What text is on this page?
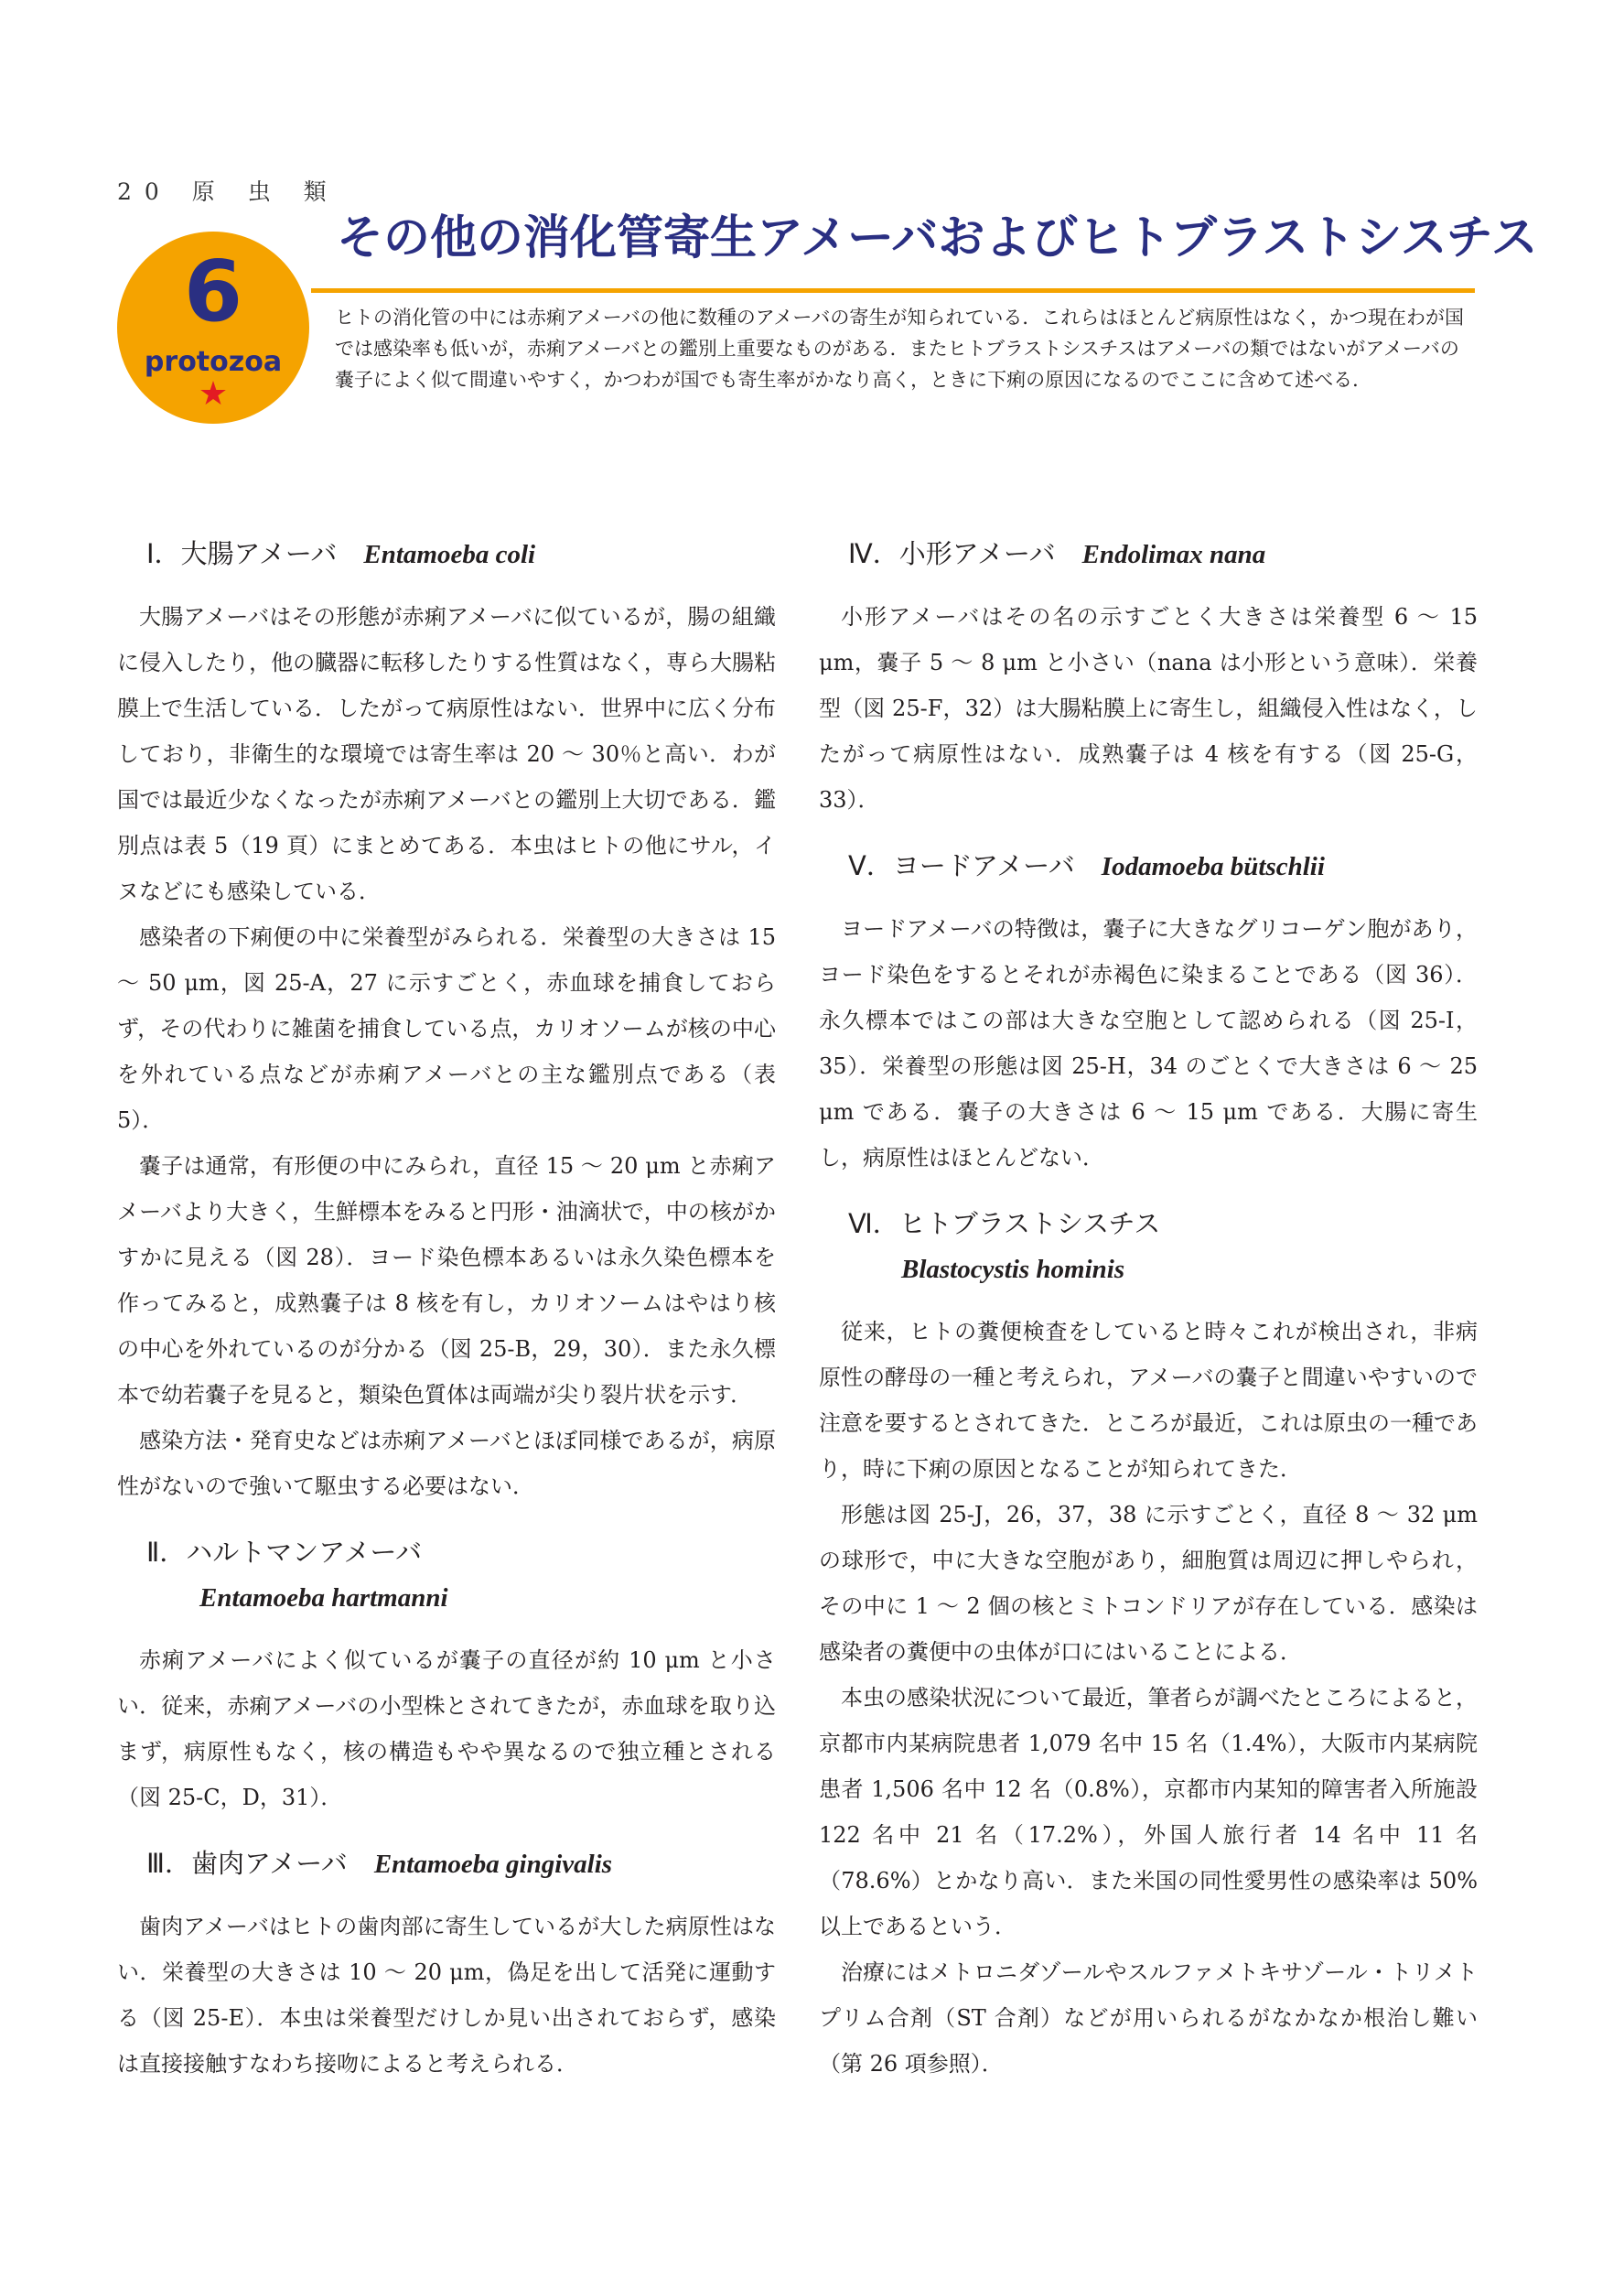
20 原 虫 類
6
protozoa
★
その他の消化管寄生アメーバおよびヒトブラストシスチス
ヒトの消化管の中には赤痢アメーバの他に数種のアメーバの寄生が知られている．これらはほとんど病原性はなく，かつ現在わが国では感染率も低いが，赤痢アメーバとの鑑別上重要なものがある．またヒトブラストシスチスはアメーバの類ではないがアメーバの嚢子によく似て間違いやすく，かつわが国でも寄生率がかなり高く，ときに下痢の原因になるのでここに含めて述べる．
Ⅰ．大腸アメーバ　 Entamoeba coli

大腸アメーバはその形態が赤痢アメーバに似ているが，腸の組織に侵入したり，他の臓器に転移したりする性質はなく，専ら大腸粘膜上で生活している．したがって病原性はない．世界中に広く分布しており，非衛生的な環境では寄生率は 20 ～ 30％と高い．わが国では最近少なくなったが赤痢アメーバとの鑑別上大切である．鑑別点は表 5（19 頁）にまとめてある．本虫はヒトの他にサル，イヌなどにも感染している．

感染者の下痢便の中に栄養型がみられる．栄養型の大きさは 15 ～ 50 μm，図 25-A，27 に示すごとく，赤血球を捕食しておらず，その代わりに雑菌を捕食している点，カリオソームが核の中心を外れている点などが赤痢アメーバとの主な鑑別点である（表 5）．

嚢子は通常，有形便の中にみられ，直径 15 ～ 20 μm と赤痢アメーバより大きく，生鮮標本をみると円形・油滴状で，中の核がかすかに見える（図 28）．ヨード染色標本あるいは永久染色標本を作ってみると，成熟嚢子は 8 核を有し，カリオソームはやはり核の中心を外れているのが分かる（図 25-B，29，30）．また永久標本で幼若嚢子を見ると，類染色質体は両端が尖り裂片状を示す．

感染方法・発育史などは赤痢アメーバとほぼ同様であるが，病原性がないので強いて駆虫する必要はない．

Ⅱ．ハルトマンアメーバ
Entamoeba hartmanni

赤痢アメーバによく似ているが嚢子の直径が約 10 μm と小さい．従来，赤痢アメーバの小型株とされてきたが，赤血球を取り込まず，病原性もなく，核の構造もやや異なるので独立種とされる（図 25-C，D，31）．

Ⅲ．歯肉アメーバ　 Entamoeba gingivalis

歯肉アメーバはヒトの歯肉部に寄生しているが大した病原性はない．栄養型の大きさは 10 ～ 20 μm，偽足を出して活発に運動する（図 25-E）．本虫は栄養型だけしか見い出されておらず，感染は直接接触すなわち接吻によると考えられる．

Ⅳ．小形アメーバ　 Endolimax nana

小形アメーバはその名の示すごとく大きさは栄養型 6 ～ 15 μm，嚢子 5 ～ 8 μm と小さい（nana は小形という意味）．栄養型（図 25-F，32）は大腸粘膜上に寄生し，組織侵入性はなく，したがって病原性はない．成熟嚢子は 4 核を有する（図 25-G，33）．

Ⅴ．ヨードアメーバ　 Iodamoeba bütschlii

ヨードアメーバの特徴は，嚢子に大きなグリコーゲン胞があり，ヨード染色をするとそれが赤褐色に染まることである（図 36）．永久標本ではこの部は大きな空胞として認められる（図 25-I，35）．栄養型の形態は図 25-H，34 のごとくで大きさは 6 ～ 25 μm である．嚢子の大きさは 6 ～ 15 μm である．大腸に寄生し，病原性はほとんどない．

Ⅵ．ヒトブラストシスチス
Blastocystis hominis

従来，ヒトの糞便検査をしていると時々これが検出され，非病原性の酵母の一種と考えられ，アメーバの嚢子と間違いやすいので注意を要するとされてきた．ところが最近，これは原虫の一種であり，時に下痢の原因となることが知られてきた．

形態は図 25-J，26，37，38 に示すごとく，直径 8 ～ 32 μm の球形で，中に大きな空胞があり，細胞質は周辺に押しやられ，その中に 1 ～ 2 個の核とミトコンドリアが存在している．感染は感染者の糞便中の虫体が口にはいることによる．

本虫の感染状況について最近，筆者らが調べたところによると，京都市内某病院患者 1,079 名中 15 名（1.4%），大阪市内某病院患者 1,506 名中 12 名（0.8%），京都市内某知的障害者入所施設 122 名中 21 名（17.2%），外国人旅行者 14 名中 11 名（78.6%）とかなり高い．また米国の同性愛男性の感染率は 50%以上であるという．

治療にはメトロニダゾールやスルファメトキサゾール・トリメトプリム合剤（ST 合剤）などが用いられるがなかなか根治し難い（第 26 項参照）．
